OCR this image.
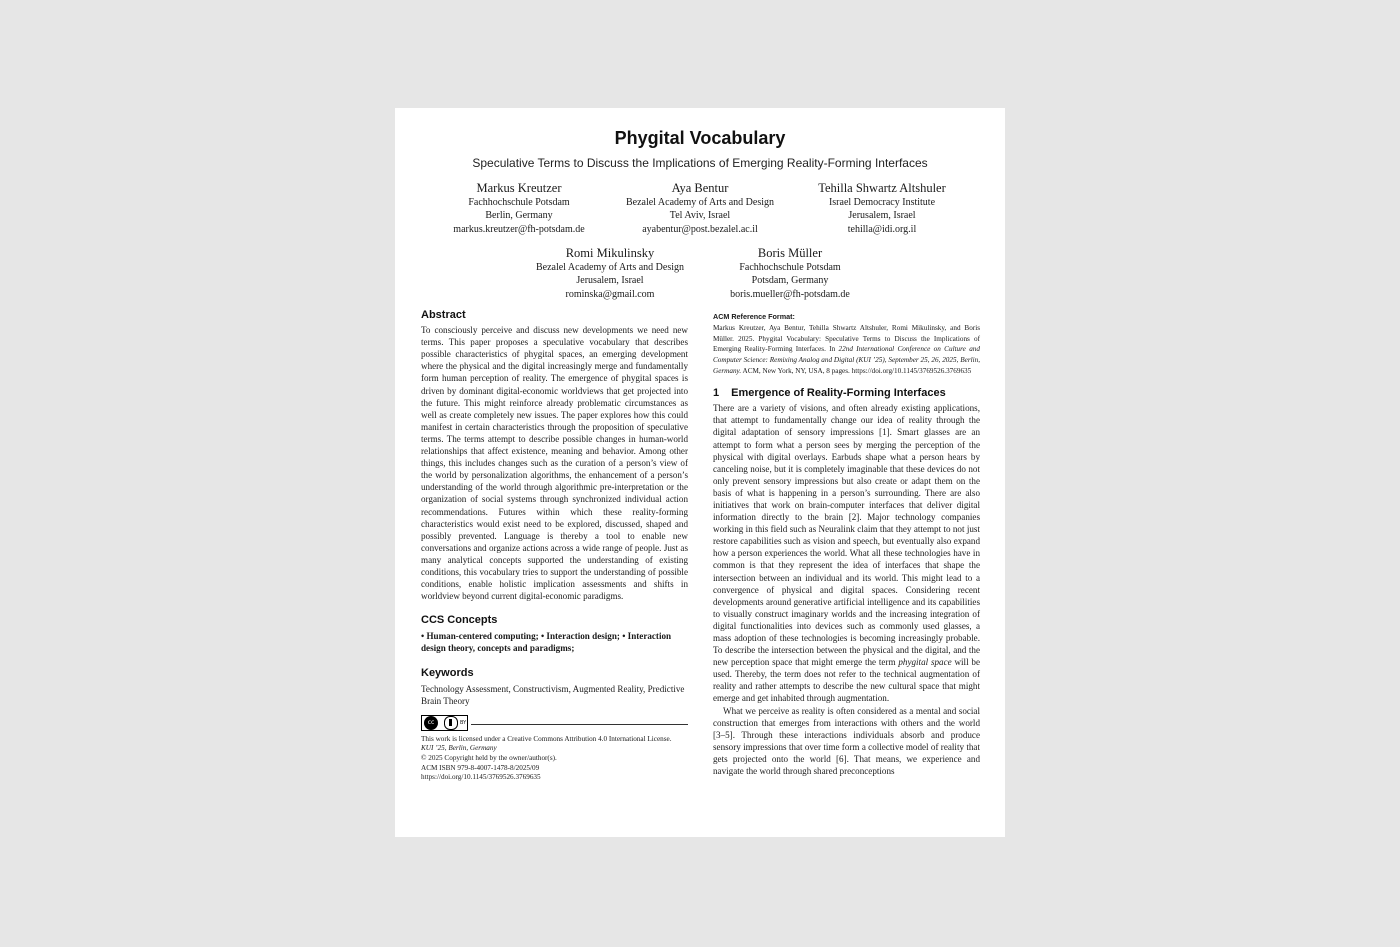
Phygital Vocabulary
Speculative Terms to Discuss the Implications of Emerging Reality-Forming Interfaces
Markus Kreutzer
Fachhochschule Potsdam
Berlin, Germany
markus.kreutzer@fh-potsdam.de
Aya Bentur
Bezalel Academy of Arts and Design
Tel Aviv, Israel
ayabentur@post.bezalel.ac.il
Tehilla Shwartz Altshuler
Israel Democracy Institute
Jerusalem, Israel
tehilla@idi.org.il
Romi Mikulinsky
Bezalel Academy of Arts and Design
Jerusalem, Israel
rominska@gmail.com
Boris Müller
Fachhochschule Potsdam
Potsdam, Germany
boris.mueller@fh-potsdam.de
Abstract

To consciously perceive and discuss new developments we need new terms. This paper proposes a speculative vocabulary that describes possible characteristics of phygital spaces, an emerging development where the physical and the digital increasingly merge and fundamentally form human perception of reality. The emergence of phygital spaces is driven by dominant digital-economic worldviews that get projected into the future. This might reinforce already problematic circumstances as well as create completely new issues. The paper explores how this could manifest in certain characteristics through the proposition of speculative terms. The terms attempt to describe possible changes in human-world relationships that affect existence, meaning and behavior. Among other things, this includes changes such as the curation of a person’s view of the world by personalization algorithms, the enhancement of a person’s understanding of the world through algorithmic pre-interpretation or the organization of social systems through synchronized individual action recommendations. Futures within which these reality-forming characteristics would exist need to be explored, discussed, shaped and possibly prevented. Language is thereby a tool to enable new conversations and organize actions across a wide range of people. Just as many analytical concepts supported the understanding of existing conditions, this vocabulary tries to support the understanding of possible conditions, enable holistic implication assessments and shifts in worldview beyond current digital-economic paradigms.

CCS Concepts

• Human-centered computing; • Interaction design; • Interaction design theory, concepts and paradigms;

Keywords

Technology Assessment, Constructivism, Augmented Reality, Predictive Brain Theory

cc	BY
This work is licensed under a Creative Commons Attribution 4.0 International License.
KUI ’25, Berlin, Germany
© 2025 Copyright held by the owner/author(s).
ACM ISBN 979-8-4007-1478-8/2025/09
https://doi.org/10.1145/3769526.3769635
ACM Reference Format:

Markus Kreutzer, Aya Bentur, Tehilla Shwartz Altshuler, Romi Mikulinsky, and Boris Müller. 2025. Phygital Vocabulary: Speculative Terms to Discuss the Implications of Emerging Reality-Forming Interfaces. In 22nd International Conference on Culture and Computer Science: Remixing Analog and Digital (KUI ’25), September 25, 26, 2025, Berlin, Germany. ACM, New York, NY, USA, 8 pages. https://doi.org/10.1145/3769526.3769635

1 Emergence of Reality-Forming Interfaces

There are a variety of visions, and often already existing applications, that attempt to fundamentally change our idea of reality through the digital adaptation of sensory impressions [1]. Smart glasses are an attempt to form what a person sees by merging the perception of the physical with digital overlays. Earbuds shape what a person hears by canceling noise, but it is completely imaginable that these devices do not only prevent sensory impressions but also create or adapt them on the basis of what is happening in a person’s surrounding. There are also initiatives that work on brain-computer interfaces that deliver digital information directly to the brain [2]. Major technology companies working in this field such as Neuralink claim that they attempt to not just restore capabilities such as vision and speech, but eventually also expand how a person experiences the world. What all these technologies have in common is that they represent the idea of interfaces that shape the intersection between an individual and its world. This might lead to a convergence of physical and digital spaces. Considering recent developments around generative artificial intelligence and its capabilities to visually construct imaginary worlds and the increasing integration of digital functionalities into devices such as commonly used glasses, a mass adoption of these technologies is becoming increasingly probable. To describe the intersection between the physical and the digital, and the new perception space that might emerge the term phygital space will be used. Thereby, the term does not refer to the technical augmentation of reality and rather attempts to describe the new cultural space that might emerge and get inhabited through augmentation.

What we perceive as reality is often considered as a mental and social construction that emerges from interactions with others and the world [3–5]. Through these interactions individuals absorb and produce sensory impressions that over time form a collective model of reality that gets projected onto the world [6]. That means, we experience and navigate the world through shared preconceptions
